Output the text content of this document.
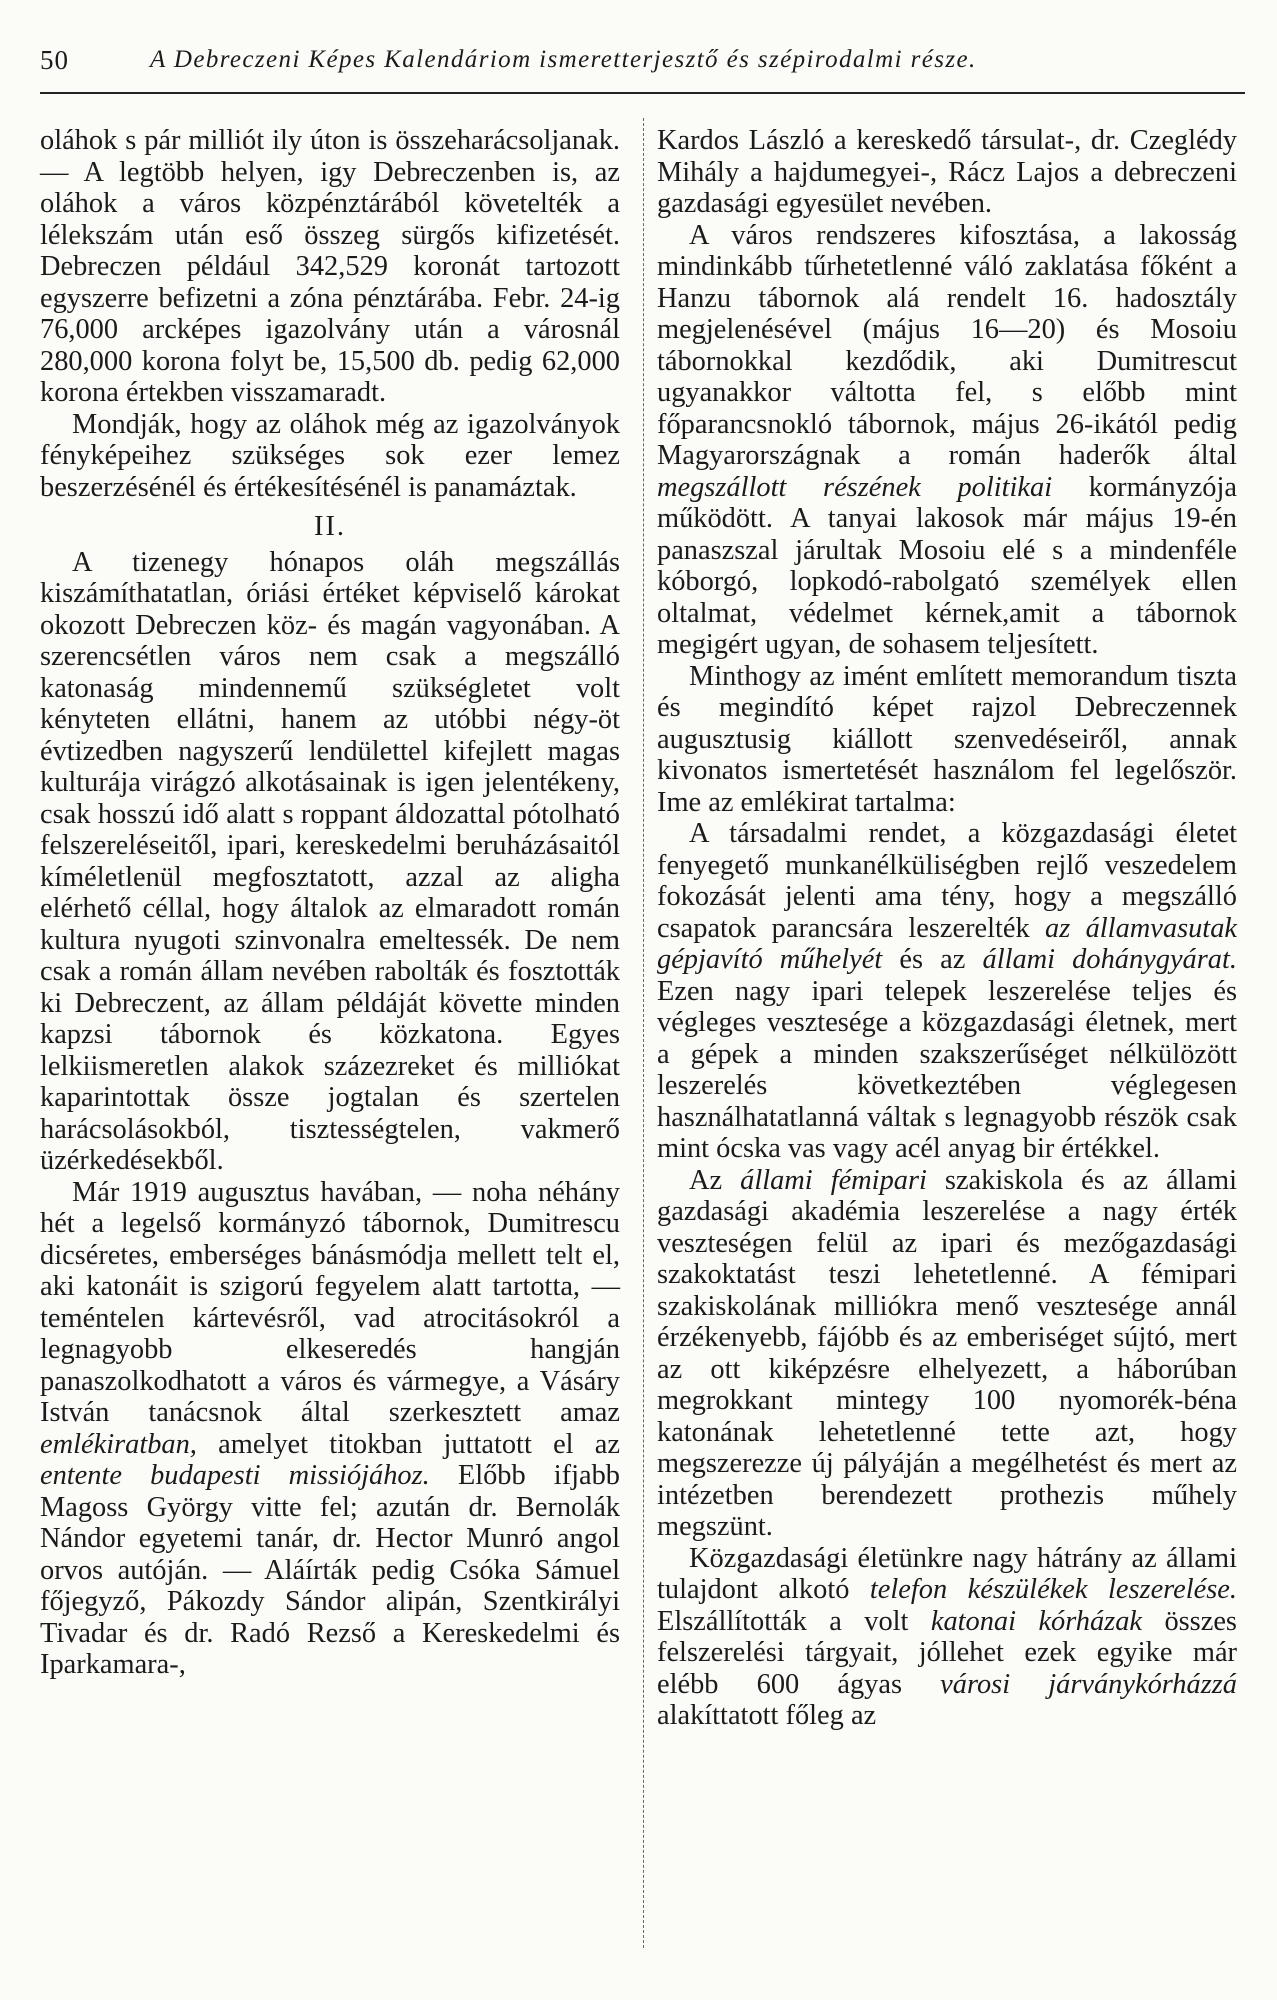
50	A Debreczeni Képes Kalendáriom ismeretterjesztő és szépirodalmi része.

oláhok s pár milliót ily úton is összeharácsoljanak. — A legtöbb helyen, igy Debreczenben is, az oláhok a város közpénztárából követelték a lélekszám után eső összeg sürgős kifizetését. Debreczen például 342,529 koronát tartozott egyszerre befizetni a zóna pénztárába. Febr. 24-ig 76,000 arcképes igazolvány után a városnál 280,000 korona folyt be, 15,500 db. pedig 62,000 korona értekben visszamaradt.

Mondják, hogy az oláhok még az igazolványok fényképeihez szükséges sok ezer lemez beszerzésénél és értékesítésénél is panamáztak.

II.

A tizenegy hónapos oláh megszállás kiszámíthatatlan, óriási értéket képviselő károkat okozott Debreczen köz- és magán vagyonában. A szerencsétlen város nem csak a megszálló katonaság mindennemű szükségletet volt kényteten ellátni, hanem az utóbbi négy-öt évtizedben nagyszerű lendülettel kifejlett magas kulturája virágzó alkotásainak is igen jelentékeny, csak hosszú idő alatt s roppant áldozattal pótolható felszereléseitől, ipari, kereskedelmi beruházásaitól kíméletlenül megfosztatott, azzal az aligha elérhető céllal, hogy általok az elmaradott román kultura nyugoti szinvonalra emeltessék. De nem csak a román állam nevében rabolták és fosztották ki Debreczent, az állam példáját követte minden kapzsi tábornok és közkatona. Egyes lelkiismeretlen alakok százezreket és milliókat kaparintottak össze jogtalan és szertelen harácsolásokból, tisztességtelen, vakmerő üzérkedésekből.

Már 1919 augusztus havában, — noha néhány hét a legelső kormányzó tábornok, Dumitrescu dicséretes, emberséges bánásmódja mellett telt el, aki katonáit is szigorú fegyelem alatt tartotta, — teméntelen kártevésről, vad atrocitásokról a legnagyobb elkeseredés hangján panaszolkodhatott a város és vármegye, a Vásáry István tanácsnok által szerkesztett amaz emlékiratban, amelyet titokban juttatott el az entente budapesti missiójához. Előbb ifjabb Magoss György vitte fel; azután dr. Bernolák Nándor egyetemi tanár, dr. Hector Munró angol orvos autóján. — Aláírták pedig Csóka Sámuel főjegyző, Pákozdy Sándor alipán, Szentkirályi Tivadar és dr. Radó Rezső a Kereskedelmi és Iparkamara-,

Kardos László a kereskedő társulat-, dr. Czeglédy Mihály a hajdumegyei-, Rácz Lajos a debreczeni gazdasági egyesület nevében.

A város rendszeres kifosztása, a lakosság mindinkább tűrhetetlenné váló zaklatása főként a Hanzu tábornok alá rendelt 16. hadosztály megjelenésével (május 16—20) és Mosoiu tábornokkal kezdődik, aki Dumitrescut ugyanakkor váltotta fel, s előbb mint főparancsnokló tábornok, május 26-ikától pedig Magyarországnak a román haderők által megszállott részének politikai kormányzója működött. A tanyai lakosok már május 19-én panaszszal járultak Mosoiu elé s a mindenféle kóborgó, lopkodó-rabolgató személyek ellen oltalmat, védelmet kérnek,amit a tábornok megigért ugyan, de sohasem teljesített.

Minthogy az imént említett memorandum tiszta és megindító képet rajzol Debreczennek augusztusig kiállott szenvedéseiről, annak kivonatos ismertetését használom fel legelőször. Ime az emlékirat tartalma:

A társadalmi rendet, a közgazdasági életet fenyegető munkanélküliségben rejlő veszedelem fokozását jelenti ama tény, hogy a megszálló csapatok parancsára leszerelték az államvasutak gépjavító műhelyét és az állami dohánygyárat. Ezen nagy ipari telepek leszerelése teljes és végleges vesztesége a közgazdasági életnek, mert a gépek a minden szakszerűséget nélkülözött leszerelés következtében véglegesen használhatatlanná váltak s legnagyobb részök csak mint ócska vas vagy acél anyag bir értékkel.

Az állami fémipari szakiskola és az állami gazdasági akadémia leszerelése a nagy érték veszteségen felül az ipari és mezőgazdasági szakoktatást teszi lehetetlenné. A fémipari szakiskolának milliókra menő vesztesége annál érzékenyebb, fájóbb és az emberiséget sújtó, mert az ott kiképzésre elhelyezett, a háborúban megrokkant mintegy 100 nyomorék-béna katonának lehetetlenné tette azt, hogy megszerezze új pályáján a megélhetést és mert az intézetben berendezett prothezis műhely megszünt.

Közgazdasági életünkre nagy hátrány az állami tulajdont alkotó telefon készülékek leszerelése. Elszállították a volt katonai kórházak összes felszerelési tárgyait, jóllehet ezek egyike már elébb 600 ágyas városi járványkórházzá alakíttatott főleg az
